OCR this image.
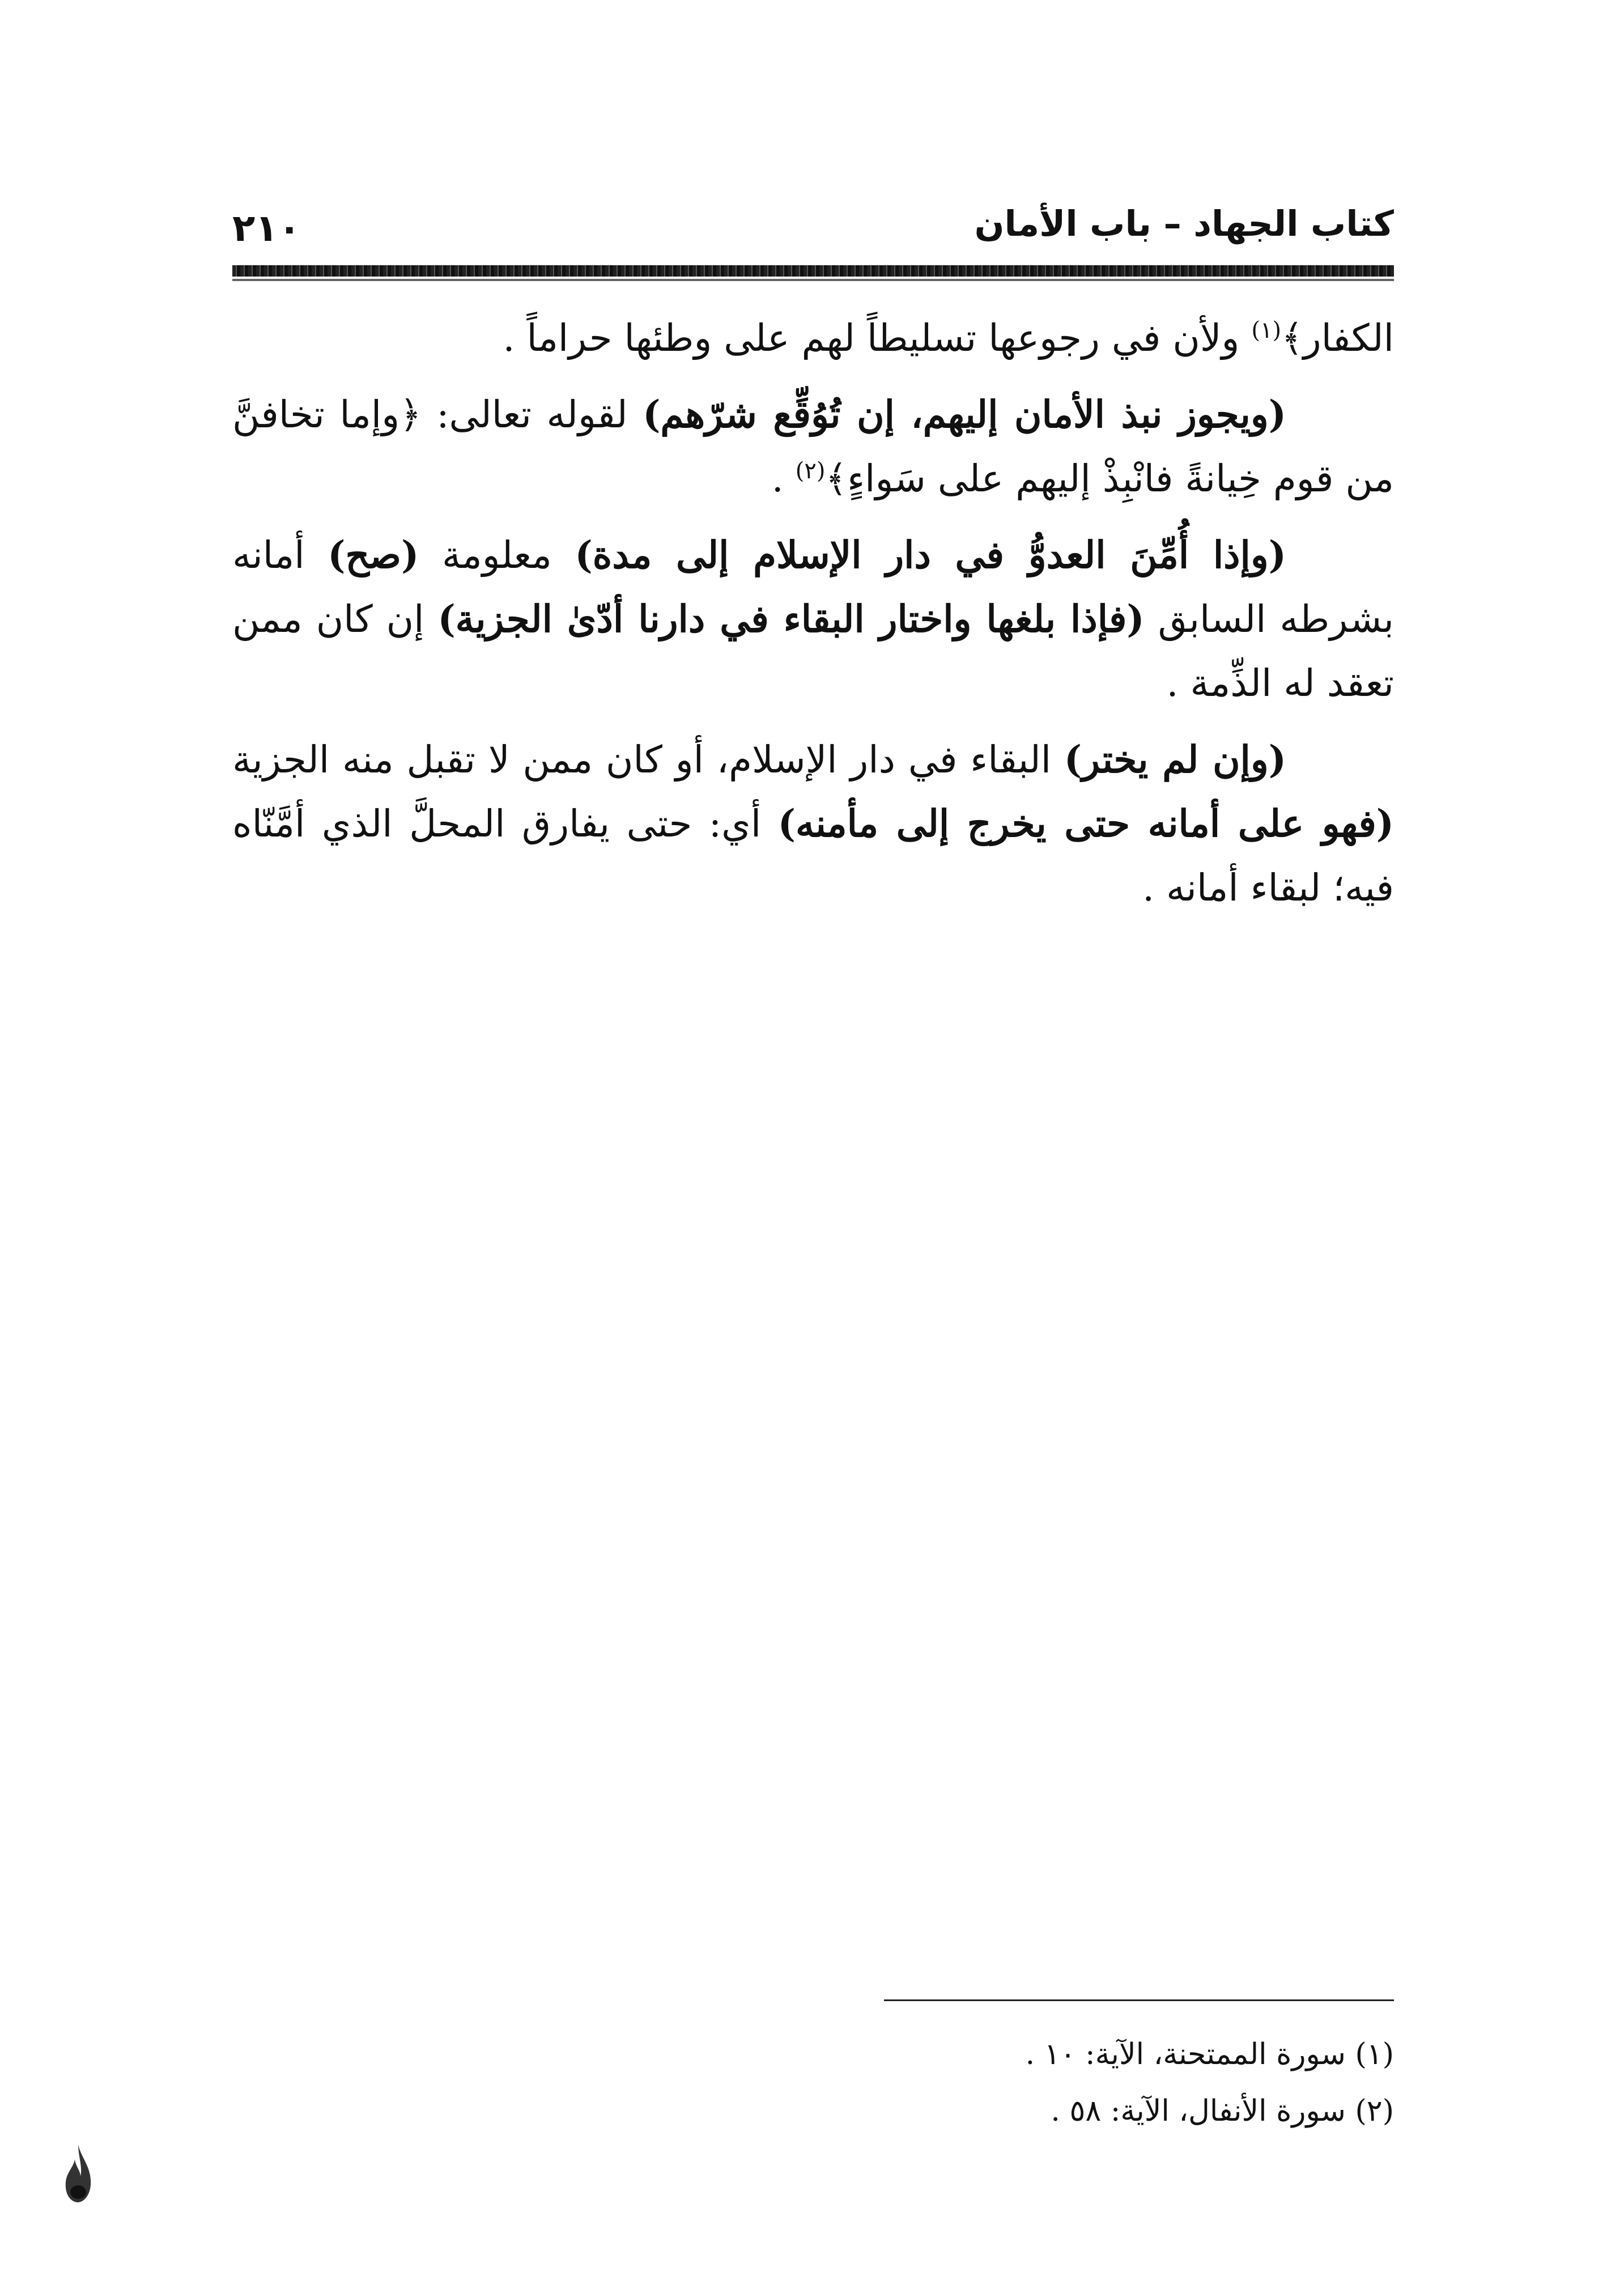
كتاب الجهاد – باب الأمان
٢١٠

الكفار﴾$^{(١)}$ ولأن في رجوعها تسليطاً لهم على وطئها حراماً .

(ويجوز نبذ الأمان إليهم، إن تُوُقِّع شرّهم) لقوله تعالى: ﴿وإما تخافنَّ من قوم خِيانةً فانْبِذْ إليهم على سَواءٍ﴾$^{(٢)}$ .

(وإذا أُمِّنَ العدوُّ في دار الإسلام إلى مدة) معلومة (صح) أمانه بشرطه السابق (فإذا بلغها واختار البقاء في دارنا أدّىٰ الجزية) إن كان ممن تعقد له الذِّمة .

(وإن لم يختر) البقاء في دار الإسلام، أو كان ممن لا تقبل منه الجزية (فهو على أمانه حتى يخرج إلى مأمنه) أي: حتى يفارق المحلَّ الذي أمَّنّاه فيه؛ لبقاء أمانه .

(١) سورة الممتحنة، الآية: ١٠ .
(٢) سورة الأنفال، الآية: ٥٨ .
